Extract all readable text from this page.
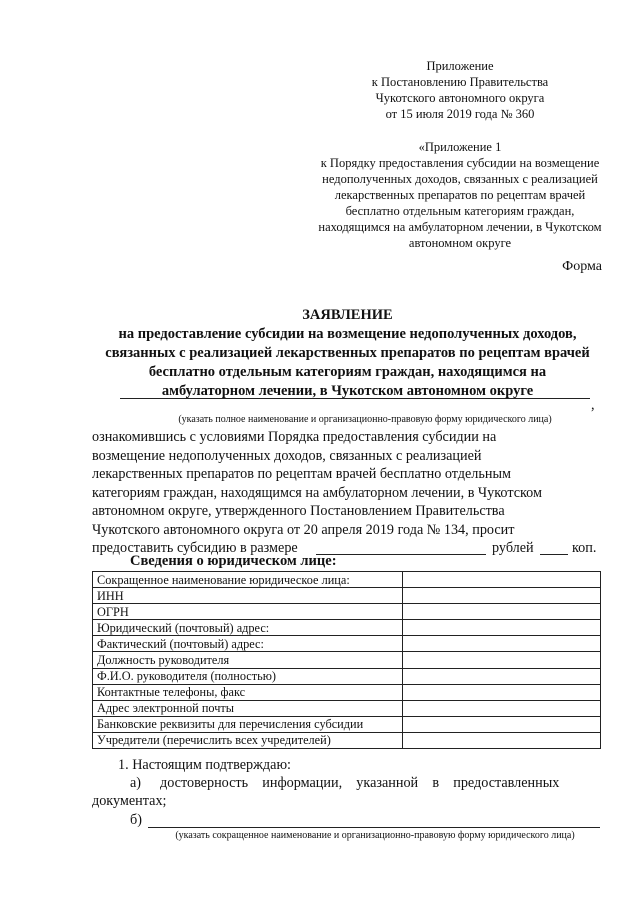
Приложение
к Постановлению Правительства
Чукотского автономного округа
от 15 июля 2019 года № 360
«Приложение 1
к Порядку предоставления субсидии на возмещение
недополученных доходов, связанных с реализацией
лекарственных препаратов по рецептам врачей
бесплатно отдельным категориям граждан,
находящимся на амбулаторном лечении, в Чукотском
автономном округе
Форма
ЗАЯВЛЕНИЕ
на предоставление субсидии на возмещение недополученных доходов,
связанных с реализацией лекарственных препаратов по рецептам врачей
бесплатно отдельным категориям граждан, находящимся на
амбулаторном лечении, в Чукотском автономном округе
,
(указать полное наименование и организационно-правовую форму юридического лица)
ознакомившись с условиями Порядка предоставления субсидии на
возмещение недополученных доходов, связанных с реализацией
лекарственных препаратов по рецептам врачей бесплатно отдельным
категориям граждан, находящимся на амбулаторном лечении, в Чукотском
автономном округе, утвержденного Постановлением Правительства
Чукотского автономного округа от 20 апреля 2019 года № 134, просит
предоставить субсидию в размере	рублей	коп.
Сведения о юридическом лице:
Сокращенное наименование юридическое лица:	
ИНН	
ОГРН	
Юридический (почтовый) адрес:	
Фактический (почтовый) адрес:	
Должность руководителя	
Ф.И.О. руководителя (полностью)	
Контактные телефоны, факс	
Адрес электронной почты	
Банковские реквизиты для перечисления субсидии	
Учредители (перечислить всех учредителей)	
1. Настоящим подтверждаю:
а) достоверность    информации,    указанной    в    предоставленных
документах;
б)
(указать сокращенное наименование и организационно-правовую форму юридического лица)
